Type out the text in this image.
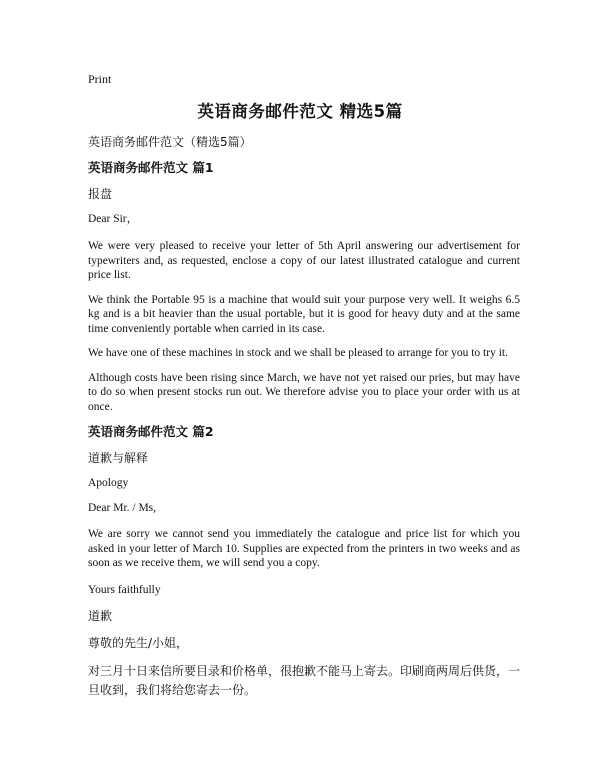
Print
英语商务邮件范文 精选5篇

英语商务邮件范文（精选5篇）

英语商务邮件范文 篇1

报盘

Dear Sir，

We were very pleased to receive your letter of 5th April answering our advertisement for typewriters and, as requested, enclose a copy of our latest illustrated catalogue and current price list.

We think the Portable 95 is a machine that would suit your purpose very well. It weighs 6.5 kg and is a bit heavier than the usual portable, but it is good for heavy duty and at the same time conveniently portable when carried in its case.

We have one of these machines in stock and we shall be pleased to arrange for you to try it.

Although costs have been rising since March, we have not yet raised our pries, but may have to do so when present stocks run out. We therefore advise you to place your order with us at once.

英语商务邮件范文 篇2

道歉与解释

Apology

Dear Mr. / Ms,

We are sorry we cannot send you immediately the catalogue and price list for which you asked in your letter of March 10. Supplies are expected from the printers in two weeks and as soon as we receive them, we will send you a copy.

Yours faithfully

道歉

尊敬的先生/小姐，

对三月十日来信所要目录和价格单，很抱歉不能马上寄去。印刷商两周后供货，一旦收到，我们将给您寄去一份。
